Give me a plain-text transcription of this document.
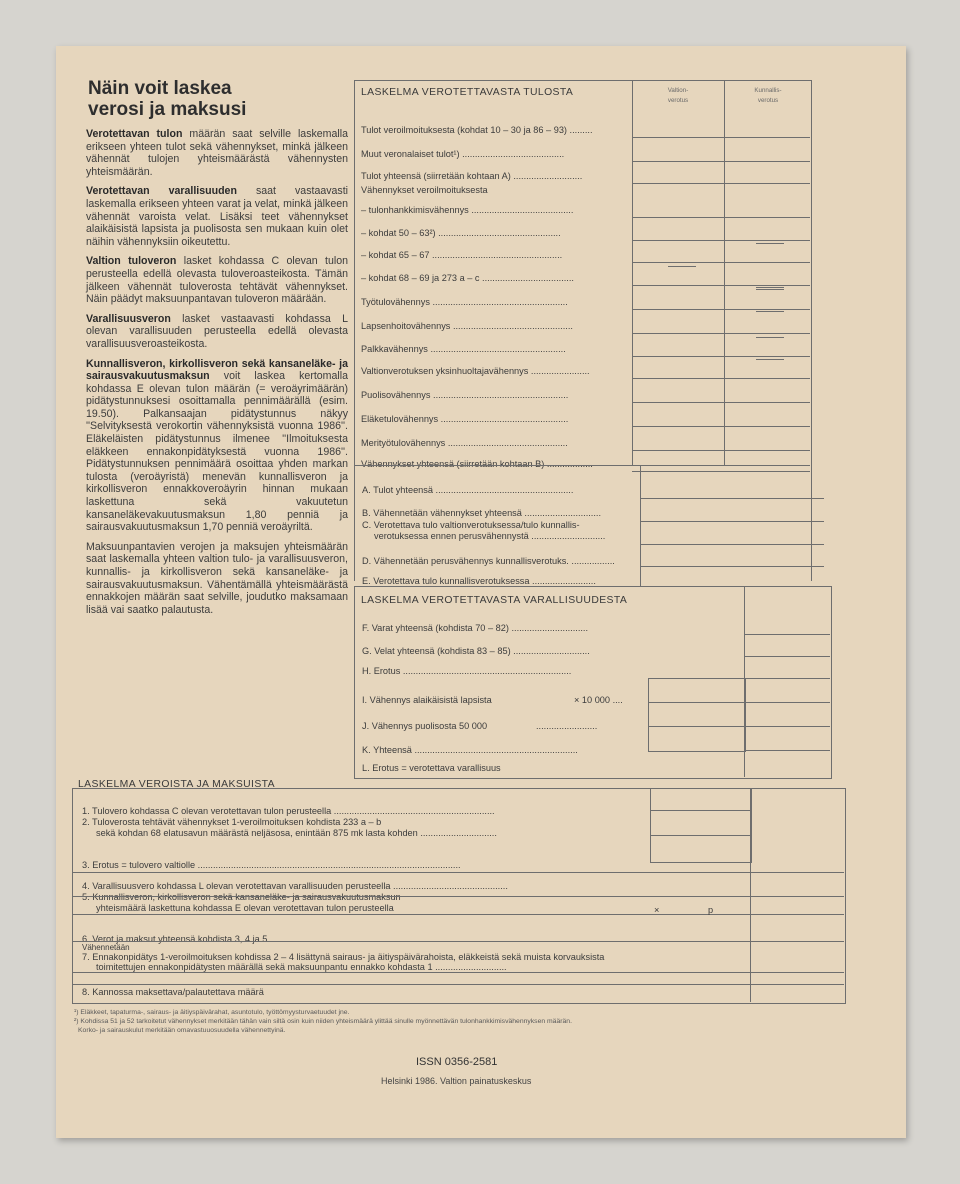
Näin voit laskea
verosi ja maksusi

Verotettavan tulon määrän saat selville laskemalla erikseen yhteen tulot sekä vähennykset, minkä jälkeen vähennät tulojen yhteismäärästä vähennysten yhteismäärän.

Verotettavan varallisuuden saat vastaavasti laskemalla erikseen yhteen varat ja velat, minkä jälkeen vähennät varoista velat. Lisäksi teet vähennykset alaikäisistä lapsista ja puolisosta sen mukaan kuin olet näihin vähennyksiin oikeutettu.

Valtion tuloveron lasket kohdassa C olevan tulon perusteella edellä olevasta tuloveroasteikosta. Tämän jälkeen vähennät tuloverosta tehtävät vähennykset. Näin päädyt maksuunpantavan tuloveron määrään.

Varallisuusveron lasket vastaavasti kohdassa L olevan varallisuuden perusteella edellä olevasta varallisuusveroasteikosta.

Kunnallisveron, kirkollisveron sekä kansaneläke- ja sairausvakuutusmaksun voit laskea kertomalla kohdassa E olevan tulon määrän (= veroäyrimäärän) pidätystunnuksesi osoittamalla pennimäärällä (esim. 19.50). Palkansaajan pidätystunnus näkyy ''Selvityksestä verokortin vähennyksistä vuonna 1986''. Eläkeläisten pidätystunnus ilmenee ''Ilmoituksesta eläkkeen ennakonpidätyksestä vuonna 1986''. Pidätystunnuksen pennimäärä osoittaa yhden markan tulosta (veroäyristä) menevän kunnallisveron ja kirkollisveron ennakkoveroäyrin hinnan mukaan laskettuna sekä vakuutetun kansaneläkevakuutusmaksun 1,80 penniä ja sairausvakuutusmaksun 1,70 penniä veroäyriltä.

Maksuunpantavien verojen ja maksujen yhteismäärän saat laskemalla yhteen valtion tulo- ja varallisuusveron, kunnallis- ja kirkollisveron sekä kansaneläke- ja sairausvakuutusmaksun. Vähentämällä yhteismäärästä ennakkojen määrän saat selville, joudutko maksamaan lisää vai saatko palautusta.

LASKELMA VEROTETTAVASTA TULOSTA	Valtion-
verotus
Kunnallis-
verotus
Tulot veroilmoituksesta (kohdat 10 – 30 ja 86 – 93) .........
Muut veronalaiset tulot¹) ........................................
Tulot yhteensä (siirretään kohtaan A) ...........................
Vähennykset veroilmoituksesta
– tulonhankkimisvähennys ........................................
– kohdat 50 – 63²) ................................................
– kohdat 65 – 67 ...................................................
– kohdat 68 – 69 ja 273 a – c ....................................
Työtulovähennys .....................................................
Lapsenhoitovähennys ...............................................
Palkkavähennys .....................................................
Valtionverotuksen yksinhuoltajavähennys .......................
Puolisovähennys .....................................................
Eläketulovähennys ..................................................
Merityötulovähennys ...............................................
Vähennykset yhteensä (siirretään kohtaan B) ..................
A. Tulot yhteensä ......................................................
B. Vähennetään vähennykset yhteensä ..............................
C. Verotettava tulo valtionverotuksessa/tulo kunnallis-
verotuksessa ennen perusvähennystä .............................
D. Vähennetään perusvähennys kunnallisverotuks. .................
E. Verotettava tulo kunnallisverotuksessa .........................
LASKELMA VEROTETTAVASTA VARALLISUUDESTA
F. Varat yhteensä (kohdista 70 – 82) ..............................
G. Velat yhteensä (kohdista 83 – 85) ..............................
H. Erotus ..................................................................
I. Vähennys alaikäisistä lapsista
J. Vähennys puolisosta 50 000
K. Yhteensä ................................................................
L. Erotus = verotettava varallisuus
× 10 000 ....
........................
LASKELMA VEROISTA JA MAKSUISTA
1. Tulovero kohdassa C olevan verotettavan tulon perusteella ...............................................................
2. Tuloverosta tehtävät vähennykset 1-veroilmoituksen kohdista 233 a – b
sekä kohdan 68 elatusavun määrästä neljäsosa, enintään 875 mk lasta kohden ..............................
3. Erotus = tulovero valtiolle .......................................................................................................
4. Varallisuusvero kohdassa L olevan verotettavan varallisuuden perusteella .............................................
5. Kunnallisveron, kirkollisveron sekä kansaneläke- ja sairausvakuutusmaksun
yhteismäärä laskettuna kohdassa E olevan verotettavan tulon perusteella
6. Verot ja maksut yhteensä kohdista 3, 4 ja 5 ...............................................................................
Vähennetään
7. Ennakonpidätys 1-veroilmoituksen kohdissa 2 – 4 lisättynä sairaus- ja äitiyspäivärahoista, eläkkeistä sekä muista korvauksista
toimitettujen ennakonpidätysten määrällä sekä maksuunpantu ennakko kohdasta 1 ............................
8. Kannossa maksettava/palautettava määrä
×	p
¹) Eläkkeet, tapaturma-, sairaus- ja äitiyspäivärahat, asuntotulo, työttömyysturvaetuudet jne.
²) Kohdissa 51 ja 52 tarkoitetut vähennykset merkitään tähän vain siltä osin kuin niiden yhteismäärä ylittää sinulle myönnettävän tulonhankkimisvähennyksen määrän.
Korko- ja sairauskulut merkitään omavastuuosuudella vähennettyinä.
ISSN 0356-2581
Helsinki 1986. Valtion painatuskeskus
